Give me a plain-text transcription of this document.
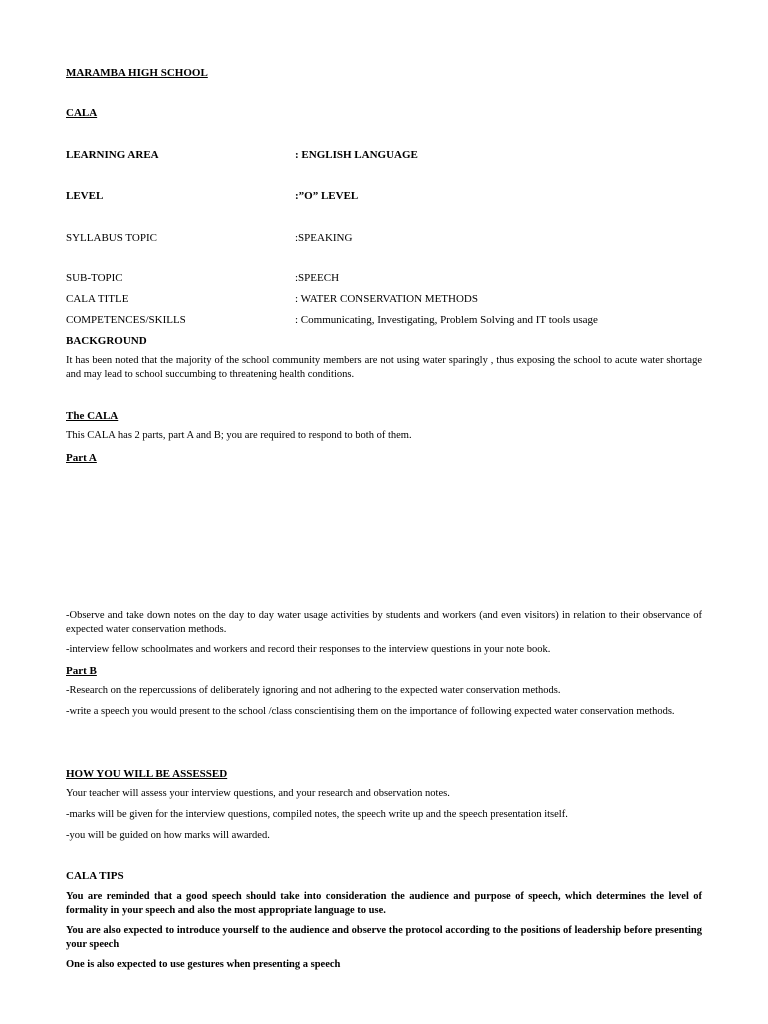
MARAMBA HIGH SCHOOL
CALA
LEARNING AREA	: ENGLISH LANGUAGE
LEVEL	:”O” LEVEL
SYLLABUS TOPIC	:SPEAKING
SUB-TOPIC	:SPEECH
CALA TITLE	: WATER CONSERVATION METHODS
COMPETENCES/SKILLS	: Communicating, Investigating, Problem Solving and IT tools usage
BACKGROUND
It has been noted that the majority of the school community members are not using water sparingly , thus exposing the school to acute water shortage and may lead to school succumbing to threatening health conditions.
The CALA
This CALA has 2 parts, part A and B; you are required to respond to both of them.
Part A
-Observe and take down notes on the day to day water usage activities by students and workers (and even visitors) in relation to their observance of expected water conservation methods.
-interview fellow schoolmates and workers and record their responses to the interview questions in your note book.
Part B
-Research on the repercussions of deliberately ignoring and not adhering to the expected water conservation methods.
-write a speech you would present to the school /class conscientising them on the importance of following expected water conservation methods.
HOW YOU WILL BE ASSESSED
Your teacher will assess your interview questions, and your research and observation notes.
-marks will be given for the interview questions, compiled notes, the speech write up and the speech presentation itself.
-you will be guided on how marks will awarded.
CALA TIPS
You are reminded that a good speech should take into consideration the audience and purpose of speech, which determines the level of formality in your speech and also the most appropriate language to use.
You are also expected to introduce yourself to the audience and observe the protocol according to the positions of leadership before presenting your speech
One is also expected to use gestures when presenting a speech
